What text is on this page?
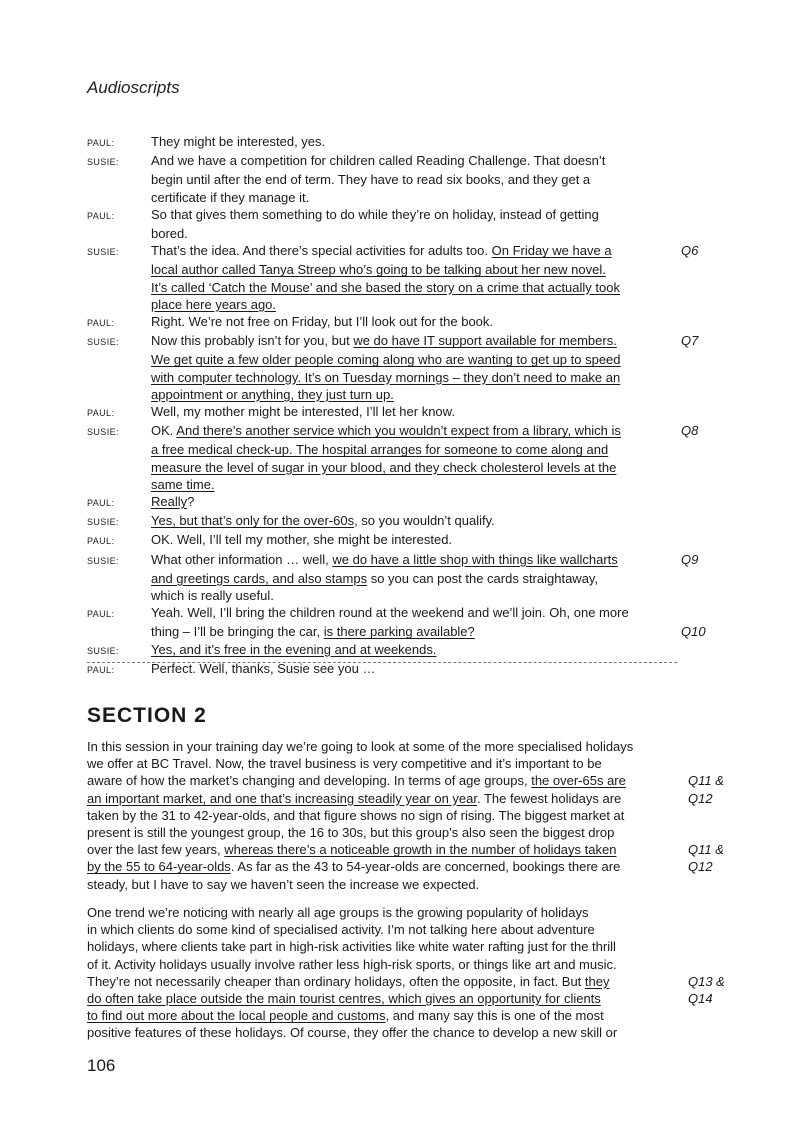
Audioscripts
PAUL:	They might be interested, yes.
SUSIE:	And we have a competition for children called Reading Challenge. That doesn’t
begin until after the end of term. They have to read six books, and they get a
certificate if they manage it.
PAUL:	So that gives them something to do while they’re on holiday, instead of getting
bored.
SUSIE:	That’s the idea. And there’s special activities for adults too. On Friday we have a	Q6
local author called Tanya Streep who’s going to be talking about her new novel.
It’s called ‘Catch the Mouse’ and she based the story on a crime that actually took
place here years ago.
PAUL:	Right. We’re not free on Friday, but I’ll look out for the book.
SUSIE:	Now this probably isn’t for you, but we do have IT support available for members.	Q7
We get quite a few older people coming along who are wanting to get up to speed
with computer technology. It’s on Tuesday mornings – they don’t need to make an
appointment or anything, they just turn up.
PAUL:	Well, my mother might be interested, I’ll let her know.
SUSIE:	OK. And there’s another service which you wouldn’t expect from a library, which is	Q8
a free medical check-up. The hospital arranges for someone to come along and
measure the level of sugar in your blood, and they check cholesterol levels at the
same time.
PAUL:	Really?
SUSIE:	Yes, but that’s only for the over-60s, so you wouldn’t qualify.
PAUL:	OK. Well, I’ll tell my mother, she might be interested.
SUSIE:	What other information … well, we do have a little shop with things like wallcharts	Q9
and greetings cards, and also stamps so you can post the cards straightaway,
which is really useful.
PAUL:	Yeah. Well, I’ll bring the children round at the weekend and we’ll join. Oh, one more
thing – I’ll be bringing the car, is there parking available?	Q10
SUSIE:	Yes, and it’s free in the evening and at weekends.
PAUL:	Perfect. Well, thanks, Susie see you …
SECTION 2
In this session in your training day we’re going to look at some of the more specialised holidays
we offer at BC Travel. Now, the travel business is very competitive and it’s important to be
aware of how the market’s changing and developing. In terms of age groups, the over-65s are	Q11 &
an important market, and one that’s increasing steadily year on year. The fewest holidays are	Q12
taken by the 31 to 42-year-olds, and that figure shows no sign of rising. The biggest market at
present is still the youngest group, the 16 to 30s, but this group’s also seen the biggest drop
over the last few years, whereas there’s a noticeable growth in the number of holidays taken	Q11 &
by the 55 to 64-year-olds. As far as the 43 to 54-year-olds are concerned, bookings there are	Q12
steady, but I have to say we haven’t seen the increase we expected.
One trend we’re noticing with nearly all age groups is the growing popularity of holidays
in which clients do some kind of specialised activity. I’m not talking here about adventure
holidays, where clients take part in high-risk activities like white water rafting just for the thrill
of it. Activity holidays usually involve rather less high-risk sports, or things like art and music.
They’re not necessarily cheaper than ordinary holidays, often the opposite, in fact. But they	Q13 &
do often take place outside the main tourist centres, which gives an opportunity for clients	Q14
to find out more about the local people and customs, and many say this is one of the most
positive features of these holidays. Of course, they offer the chance to develop a new skill or
106
